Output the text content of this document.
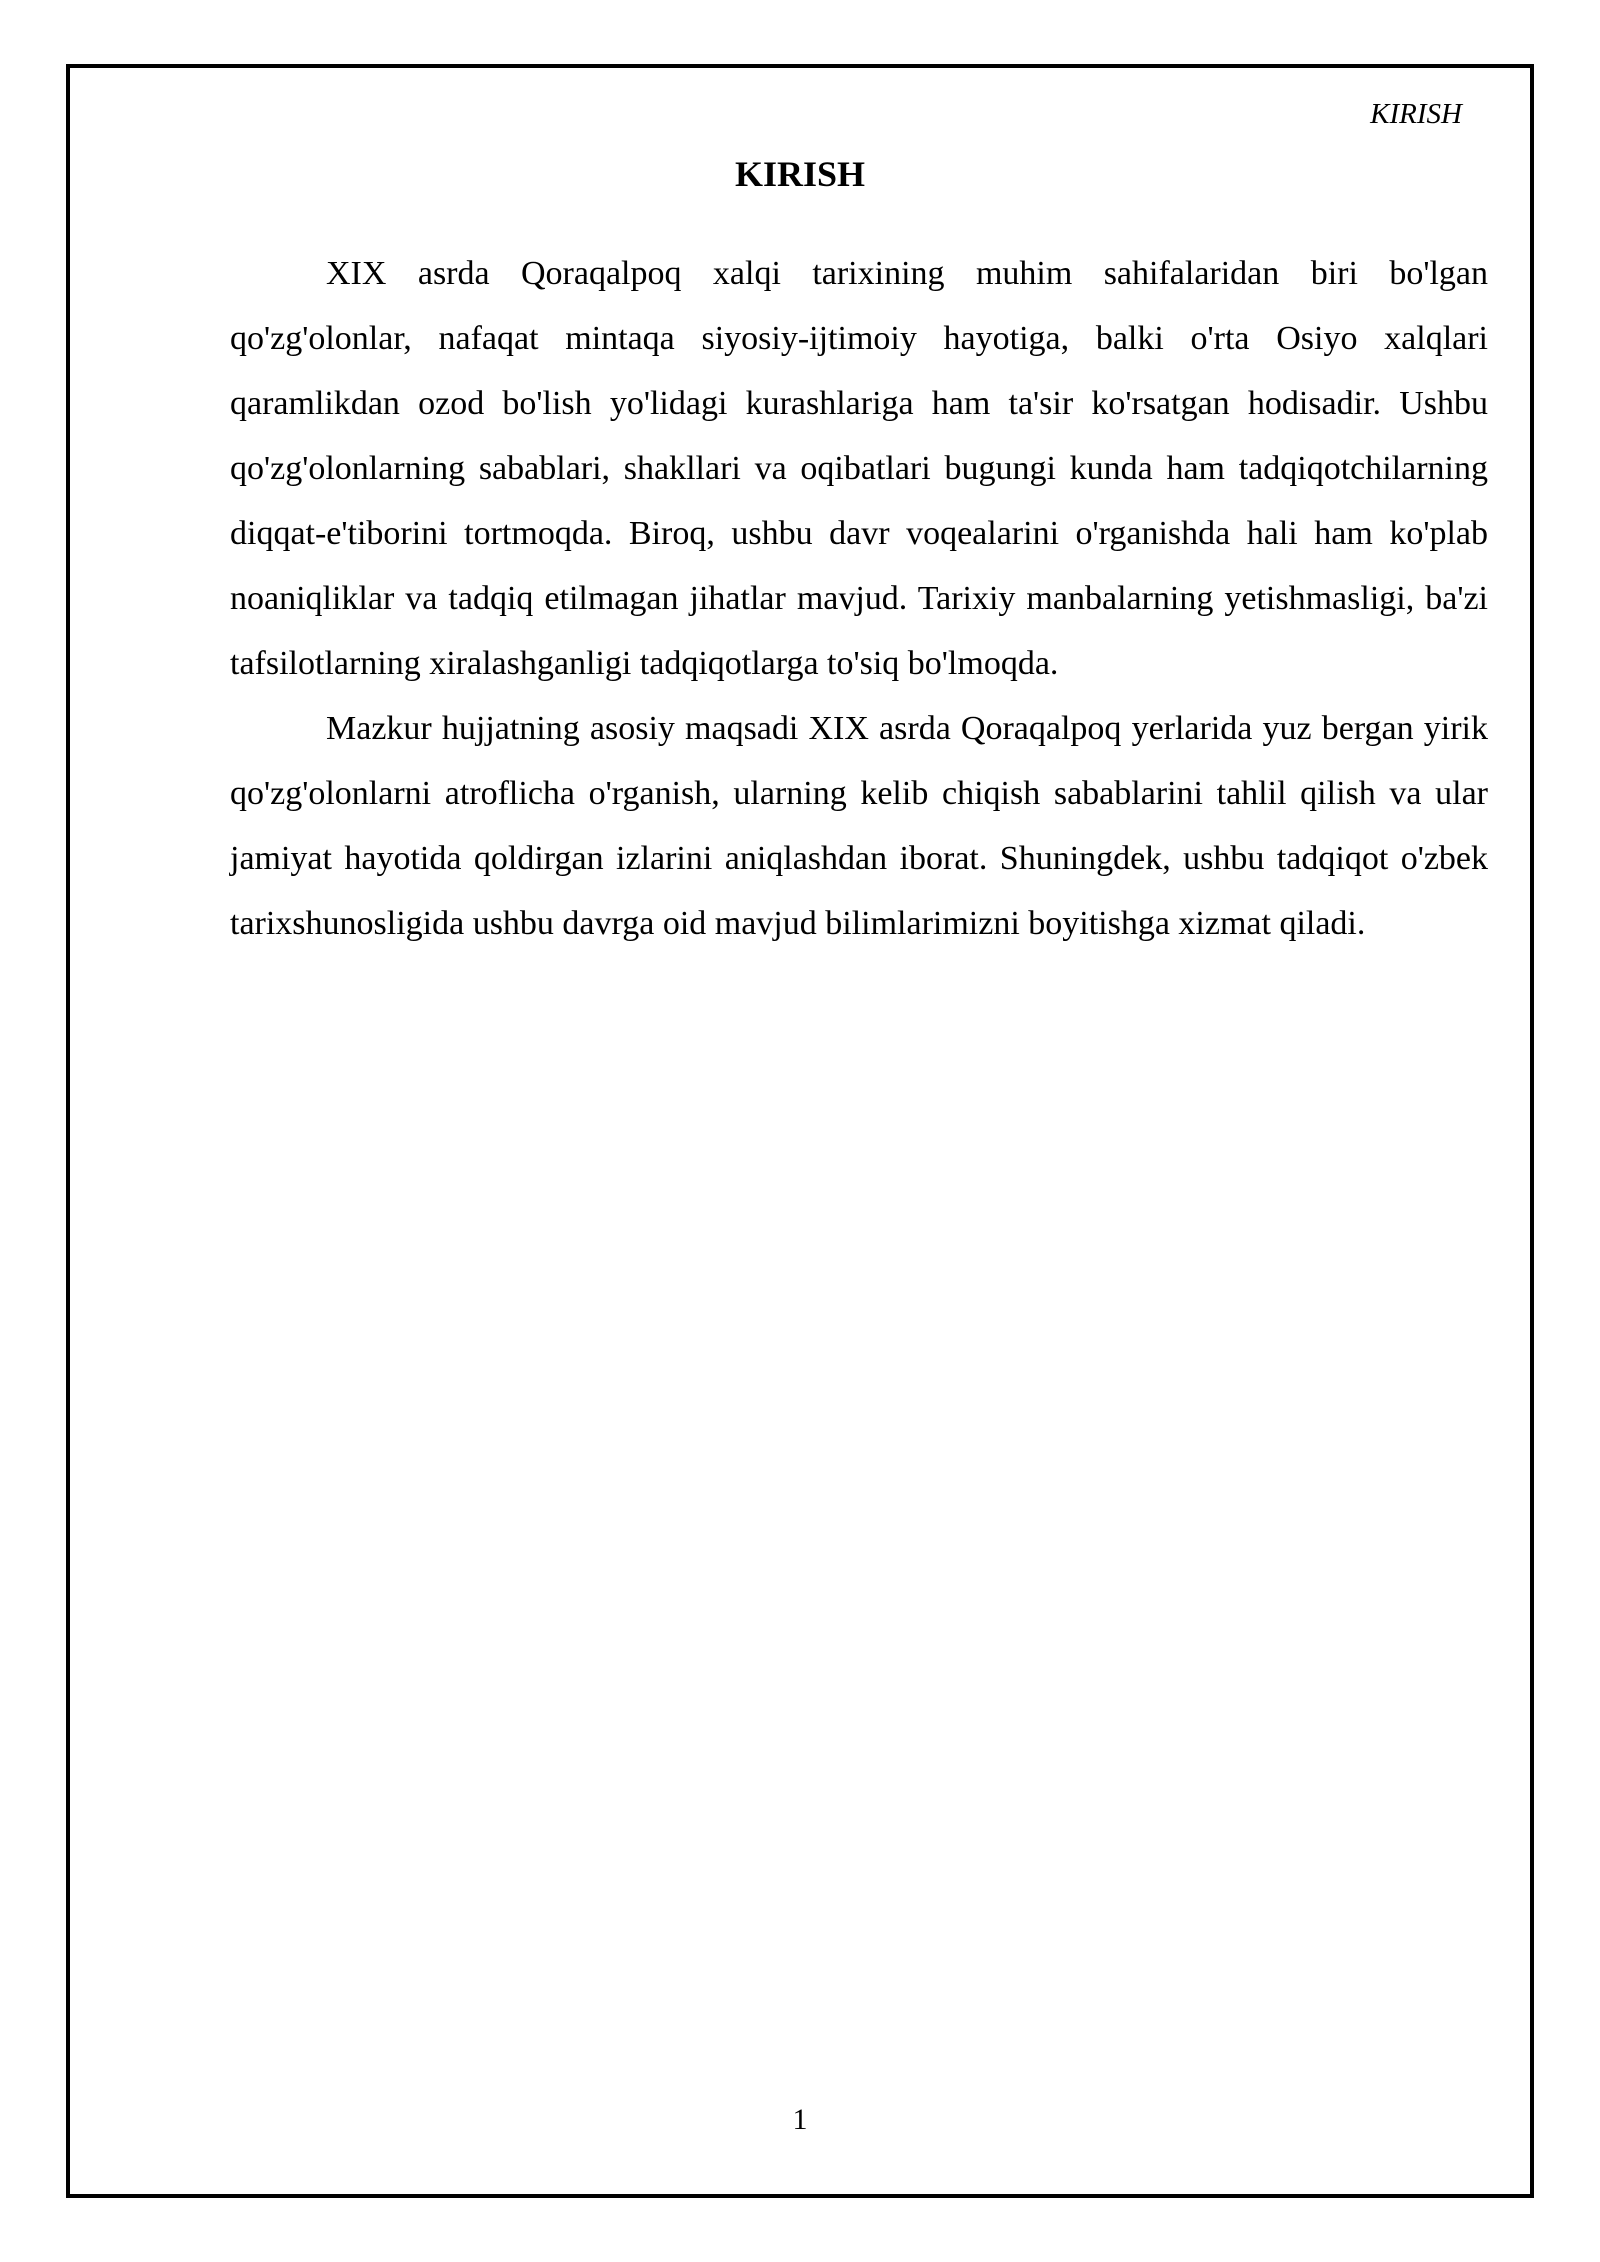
KIRISH
KIRISH

XIX asrda Qoraqalpoq xalqi tarixining muhim sahifalaridan biri bo'lgan qo'zg'olonlar, nafaqat mintaqa siyosiy-ijtimoiy hayotiga, balki o'rta Osiyo xalqlari qaramlikdan ozod bo'lish yo'lidagi kurashlariga ham ta'sir ko'rsatgan hodisadir. Ushbu qo'zg'olonlarning sabablari, shakllari va oqibatlari bugungi kunda ham tadqiqotchilarning diqqat-e'tiborini tortmoqda. Biroq, ushbu davr voqealarini o'rganishda hali ham ko'plab noaniqliklar va tadqiq etilmagan jihatlar mavjud. Tarixiy manbalarning yetishmasligi, ba'zi tafsilotlarning xiralashganligi tadqiqotlarga to'siq bo'lmoqda.

Mazkur hujjatning asosiy maqsadi XIX asrda Qoraqalpoq yerlarida yuz bergan yirik qo'zg'olonlarni atroflicha o'rganish, ularning kelib chiqish sabablarini tahlil qilish va ular jamiyat hayotida qoldirgan izlarini aniqlashdan iborat. Shuningdek, ushbu tadqiqot o'zbek tarixshunosligida ushbu davrga oid mavjud bilimlarimizni boyitishga xizmat qiladi.

1
